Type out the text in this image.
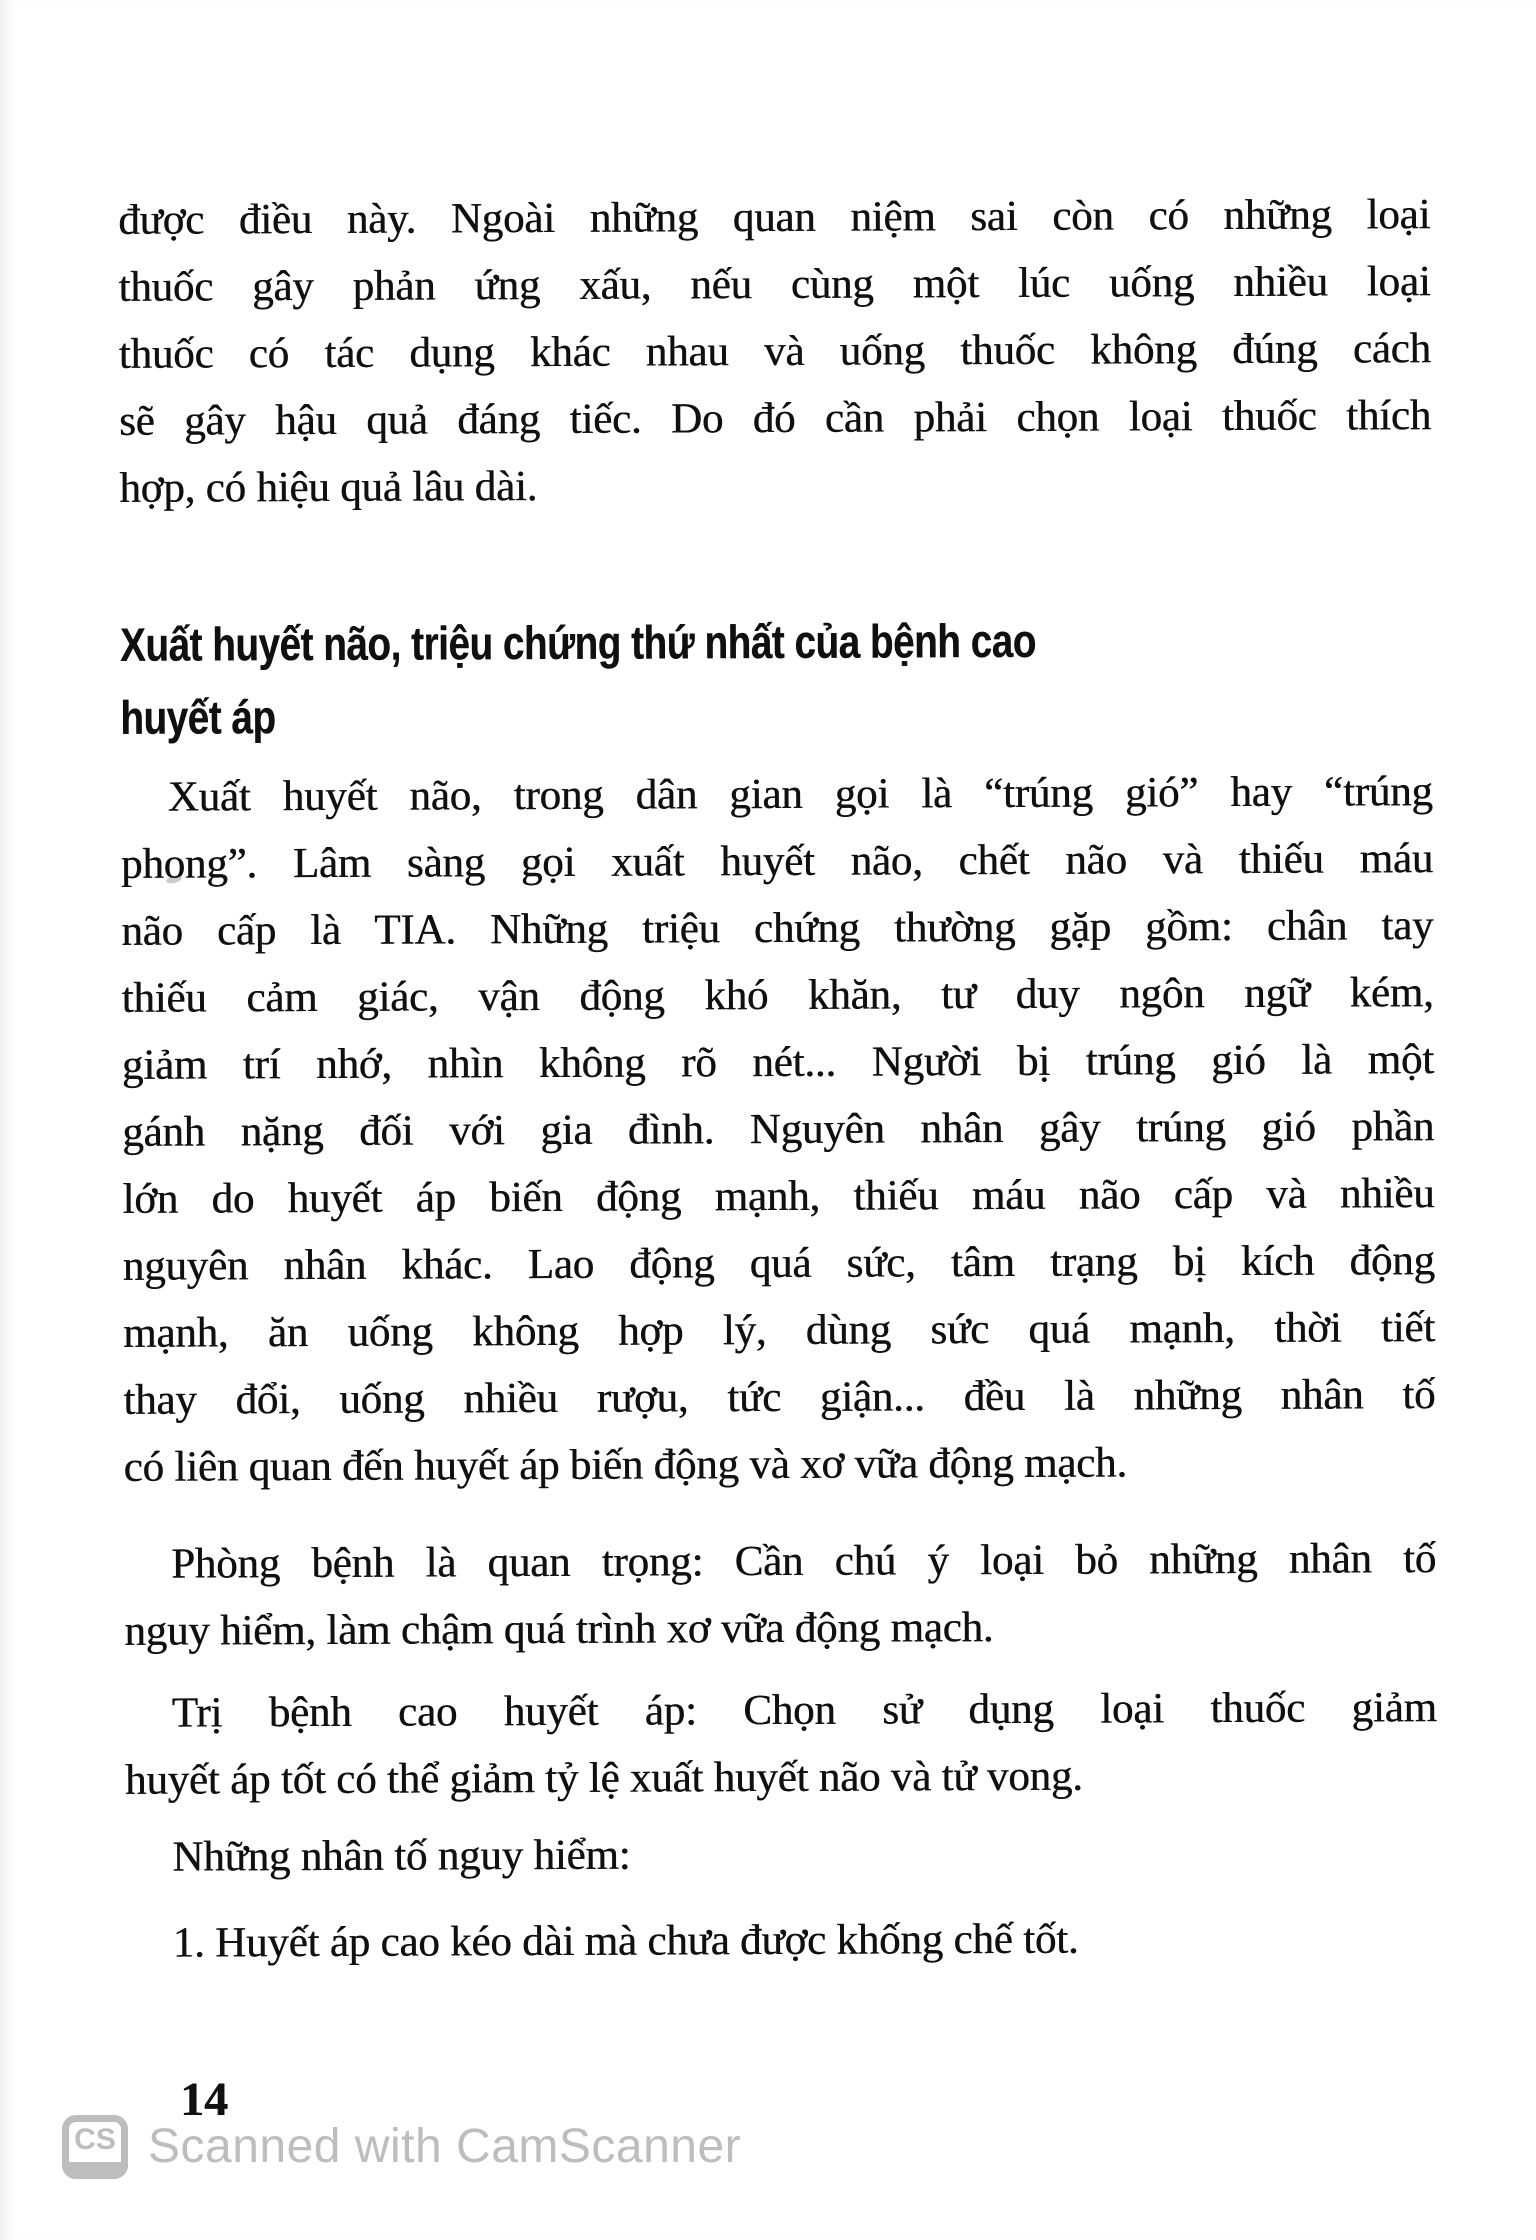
được điều này. Ngoài những quan niệm sai còn có những loại
thuốc gây phản ứng xấu, nếu cùng một lúc uống nhiều loại
thuốc có tác dụng khác nhau và uống thuốc không đúng cách
sẽ gây hậu quả đáng tiếc. Do đó cần phải chọn loại thuốc thích
hợp, có hiệu quả lâu dài.

Xuất huyết não, triệu chứng thứ nhất của bệnh cao
huyết áp

Xuất huyết não, trong dân gian gọi là “trúng gió” hay “trúng
phong”. Lâm sàng gọi xuất huyết não, chết não và thiếu máu
não cấp là TIA. Những triệu chứng thường gặp gồm: chân tay
thiếu cảm giác, vận động khó khăn, tư duy ngôn ngữ kém,
giảm trí nhớ, nhìn không rõ nét... Người bị trúng gió là một
gánh nặng đối với gia đình. Nguyên nhân gây trúng gió phần
lớn do huyết áp biến động mạnh, thiếu máu não cấp và nhiều
nguyên nhân khác. Lao động quá sức, tâm trạng bị kích động
mạnh, ăn uống không hợp lý, dùng sức quá mạnh, thời tiết
thay đổi, uống nhiều rượu, tức giận... đều là những nhân tố
có liên quan đến huyết áp biến động và xơ vữa động mạch.

Phòng bệnh là quan trọng: Cần chú ý loại bỏ những nhân tố
nguy hiểm, làm chậm quá trình xơ vữa động mạch.

Trị bệnh cao huyết áp: Chọn sử dụng loại thuốc giảm
huyết áp tốt có thể giảm tỷ lệ xuất huyết não và tử vong.

Những nhân tố nguy hiểm:

1. Huyết áp cao kéo dài mà chưa được khống chế tốt.

14
CS Scanned with CamScanner
